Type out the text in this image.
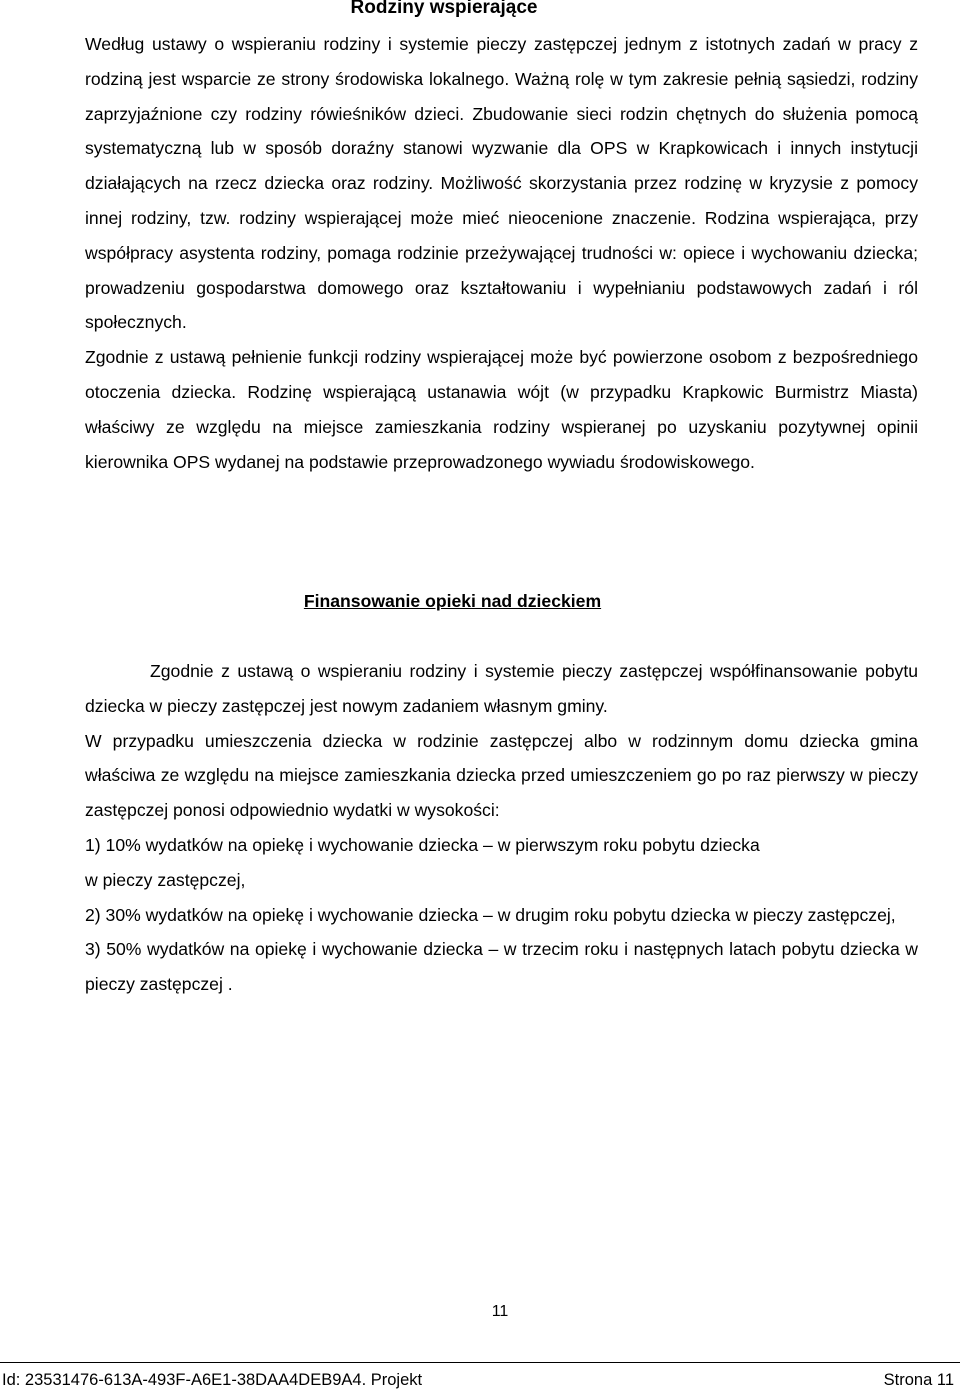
Rodziny wspierające

Według ustawy o wspieraniu rodziny i systemie pieczy zastępczej jednym z istotnych zadań w pracy z rodziną jest wsparcie ze strony środowiska lokalnego. Ważną rolę w tym zakresie pełnią sąsiedzi, rodziny zaprzyjaźnione czy rodziny rówieśników dzieci. Zbudowanie sieci rodzin chętnych do służenia pomocą systematyczną lub w sposób doraźny stanowi wyzwanie dla OPS w Krapkowicach i innych instytucji działających na rzecz dziecka oraz rodziny. Możliwość skorzystania przez rodzinę w kryzysie z pomocy innej rodziny, tzw. rodziny wspierającej może mieć nieocenione znaczenie. Rodzina wspierająca, przy współpracy asystenta rodziny, pomaga rodzinie przeżywającej trudności w: opiece i wychowaniu dziecka; prowadzeniu gospodarstwa domowego oraz kształtowaniu i wypełnianiu podstawowych zadań i ról społecznych.

Zgodnie z ustawą pełnienie funkcji rodziny wspierającej może być powierzone osobom z bezpośredniego otoczenia dziecka. Rodzinę wspierającą ustanawia wójt (w przypadku Krapkowic Burmistrz Miasta) właściwy ze względu na miejsce zamieszkania rodziny wspieranej po uzyskaniu pozytywnej opinii kierownika OPS wydanej na podstawie przeprowadzonego wywiadu środowiskowego.

Finansowanie opieki nad dzieckiem

Zgodnie z ustawą o wspieraniu rodziny i systemie pieczy zastępczej współfinansowanie pobytu dziecka w pieczy zastępczej jest nowym zadaniem własnym gminy.

W przypadku umieszczenia dziecka w rodzinie zastępczej albo w rodzinnym domu dziecka gmina właściwa ze względu na miejsce zamieszkania dziecka przed umieszczeniem go po raz pierwszy w pieczy zastępczej ponosi odpowiednio wydatki w wysokości:

1) 10% wydatków na opiekę i wychowanie dziecka – w pierwszym roku pobytu dziecka

w pieczy zastępczej,

2) 30% wydatków na opiekę i wychowanie dziecka – w drugim roku pobytu dziecka w pieczy zastępczej,

3) 50% wydatków na opiekę i wychowanie dziecka – w trzecim roku i następnych latach pobytu dziecka w pieczy zastępczej .

11
Id: 23531476-613A-493F-A6E1-38DAA4DEB9A4. Projekt	Strona 11
